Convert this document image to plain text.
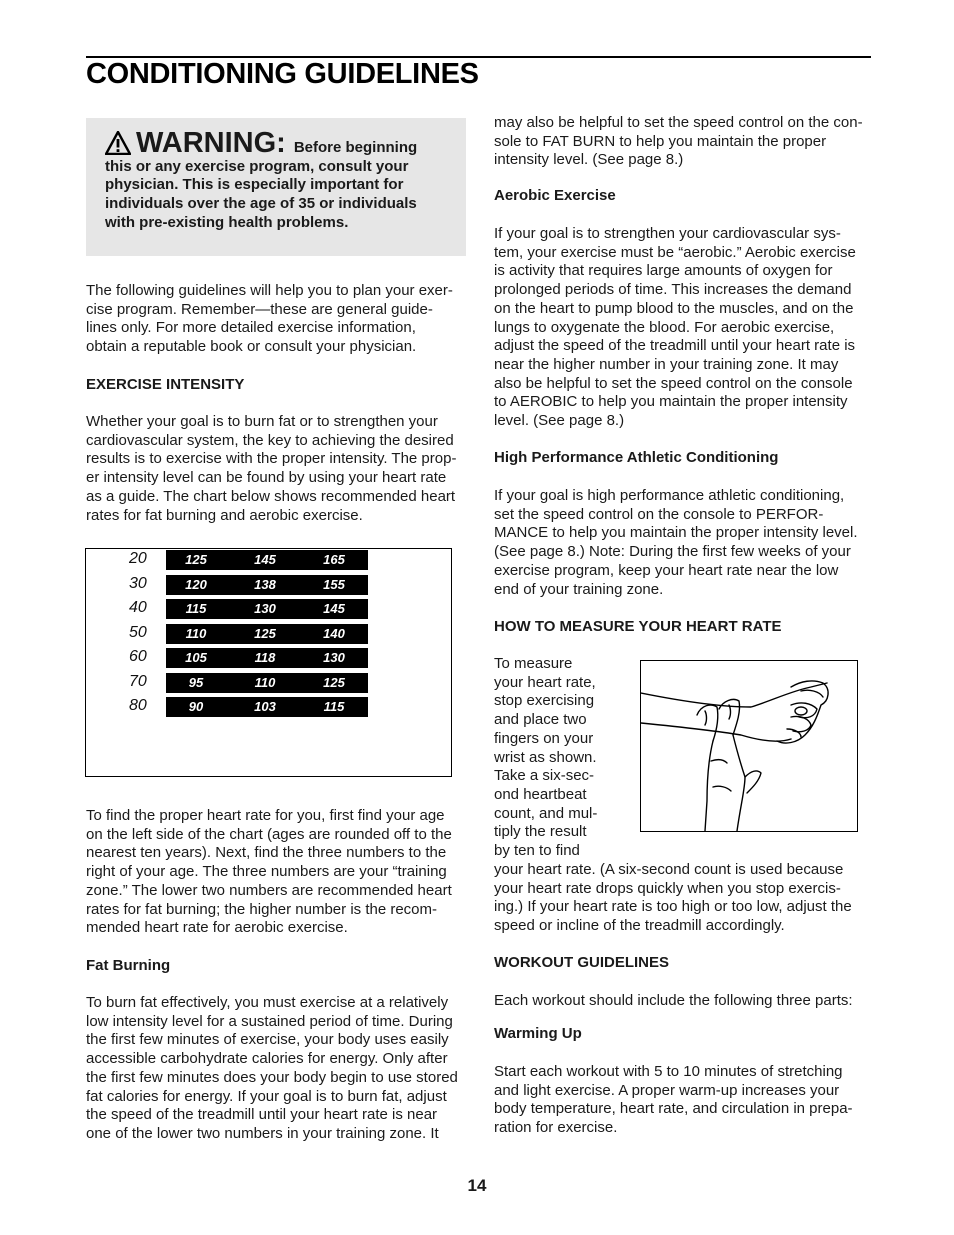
CONDITIONING GUIDELINES
WARNING: Before beginning
this or any exercise program, consult your
physician. This is especially important for
individuals over the age of 35 or individuals
with pre-existing health problems.

The following guidelines will help you to plan your exer-

cise program. Remember—these are general guide-

lines only. For more detailed exercise information,

obtain a reputable book or consult your physician.

EXERCISE INTENSITY

Whether your goal is to burn fat or to strengthen your

cardiovascular system, the key to achieving the desired

results is to exercise with the proper intensity. The prop-

er intensity level can be found by using your heart rate

as a guide. The chart below shows recommended heart

rates for fat burning and aerobic exercise.

20	125	145	165
30	120	138	155
40	115	130	145
50	110	125	140
60	105	118	130
70	95	110	125
80	90	103	115

To find the proper heart rate for you, first find your age

on the left side of the chart (ages are rounded off to the

nearest ten years). Next, find the three numbers to the

right of your age. The three numbers are your “training

zone.” The lower two numbers are recommended heart

rates for fat burning; the higher number is the recom-

mended heart rate for aerobic exercise.

Fat Burning

To burn fat effectively, you must exercise at a relatively

low intensity level for a sustained period of time. During

the first few minutes of exercise, your body uses easily

accessible carbohydrate calories for energy. Only after

the first few minutes does your body begin to use stored

fat calories for energy. If your goal is to burn fat, adjust

the speed of the treadmill until your heart rate is near

one of the lower two numbers in your training zone. It

may also be helpful to set the speed control on the con-

sole to FAT BURN to help you maintain the proper

intensity level. (See page 8.)

Aerobic Exercise

If your goal is to strengthen your cardiovascular sys-

tem, your exercise must be “aerobic.” Aerobic exercise

is activity that requires large amounts of oxygen for

prolonged periods of time. This increases the demand

on the heart to pump blood to the muscles, and on the

lungs to oxygenate the blood. For aerobic exercise,

adjust the speed of the treadmill until your heart rate is

near the higher number in your training zone. It may

also be helpful to set the speed control on the console

to AEROBIC to help you maintain the proper intensity

level. (See page 8.)

High Performance Athletic Conditioning

If your goal is high performance athletic conditioning,

set the speed control on the console to PERFOR-

MANCE to help you maintain the proper intensity level.

(See page 8.) Note: During the first few weeks of your

exercise program, keep your heart rate near the low

end of your training zone.

HOW TO MEASURE YOUR HEART RATE

To measure

your heart rate,

stop exercising

and place two

fingers on your

wrist as shown.

Take a six-sec-

ond heartbeat

count, and mul-

tiply the result

by ten to find

your heart rate. (A six-second count is used because

your heart rate drops quickly when you stop exercis-

ing.) If your heart rate is too high or too low, adjust the

speed or incline of the treadmill accordingly.

WORKOUT GUIDELINES
Each workout should include the following three parts:
Warming Up

Start each workout with 5 to 10 minutes of stretching

and light exercise. A proper warm-up increases your

body temperature, heart rate, and circulation in prepa-

ration for exercise.

14
